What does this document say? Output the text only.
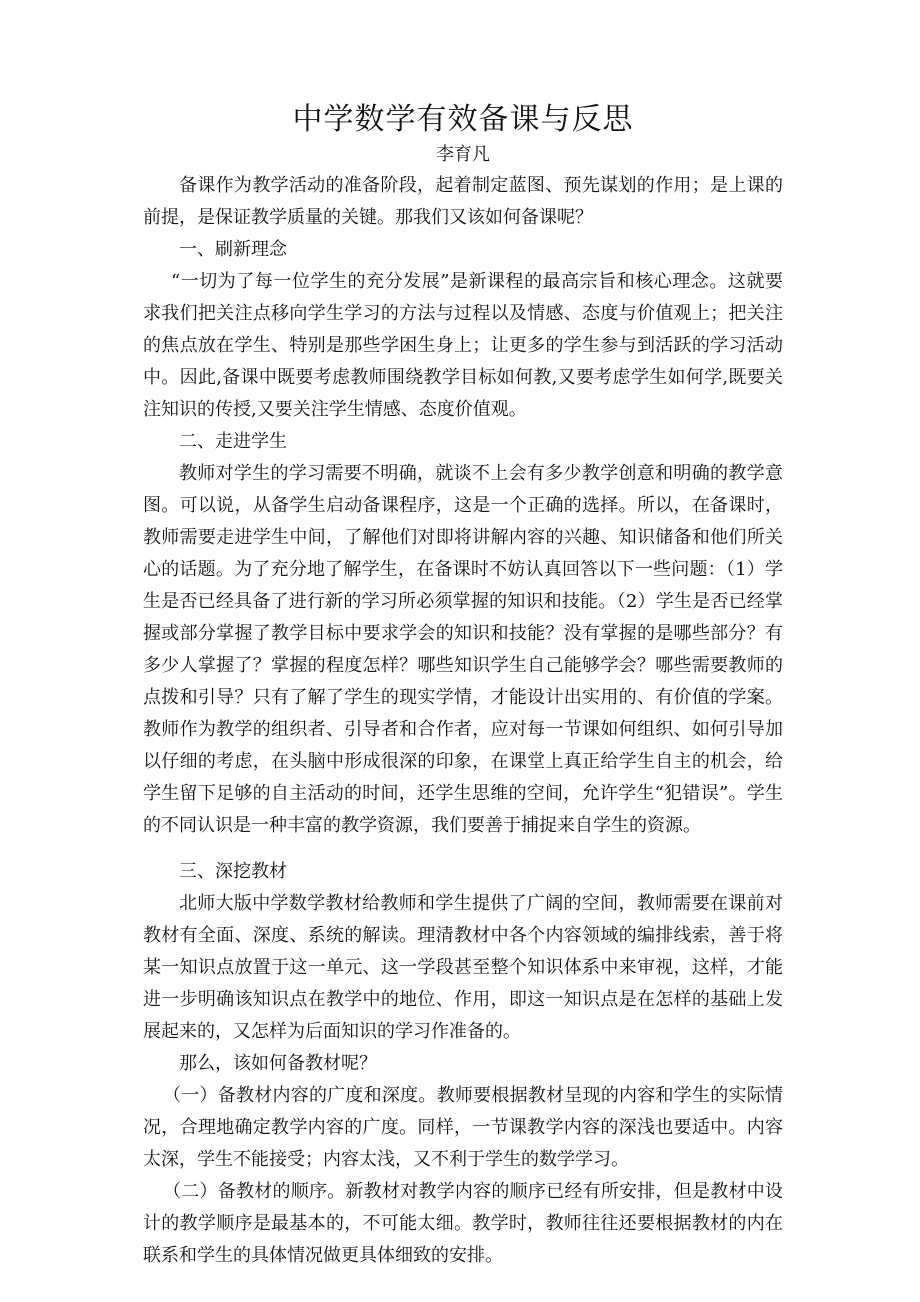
中学数学有效备课与反思
李育凡

备课作为教学活动的准备阶段，起着制定蓝图、预先谋划的作用；是上课的前提，是保证教学质量的关键。那我们又该如何备课呢？

一、刷新理念

“一切为了每一位学生的充分发展”是新课程的最高宗旨和核心理念。这就要求我们把关注点移向学生学习的方法与过程以及情感、态度与价值观上；把关注的焦点放在学生、特别是那些学困生身上；让更多的学生参与到活跃的学习活动中。因此,备课中既要考虑教师围绕教学目标如何教,又要考虑学生如何学,既要关注知识的传授,又要关注学生情感、态度价值观。

二、走进学生

教师对学生的学习需要不明确，就谈不上会有多少教学创意和明确的教学意图。可以说，从备学生启动备课程序，这是一个正确的选择。所以，在备课时，教师需要走进学生中间，了解他们对即将讲解内容的兴趣、知识储备和他们所关心的话题。为了充分地了解学生，在备课时不妨认真回答以下一些问题：（1）学生是否已经具备了进行新的学习所必须掌握的知识和技能。（2）学生是否已经掌握或部分掌握了教学目标中要求学会的知识和技能？没有掌握的是哪些部分？有多少人掌握了？掌握的程度怎样？哪些知识学生自己能够学会？哪些需要教师的点拨和引导？只有了解了学生的现实学情，才能设计出实用的、有价值的学案。教师作为教学的组织者、引导者和合作者，应对每一节课如何组织、如何引导加以仔细的考虑，在头脑中形成很深的印象，在课堂上真正给学生自主的机会，给学生留下足够的自主活动的时间，还学生思维的空间，允许学生“犯错误”。学生的不同认识是一种丰富的教学资源，我们要善于捕捉来自学生的资源。

三、深挖教材

北师大版中学数学教材给教师和学生提供了广阔的空间，教师需要在课前对教材有全面、深度、系统的解读。理清教材中各个内容领域的编排线索，善于将某一知识点放置于这一单元、这一学段甚至整个知识体系中来审视，这样，才能进一步明确该知识点在教学中的地位、作用，即这一知识点是在怎样的基础上发展起来的，又怎样为后面知识的学习作准备的。

那么，该如何备教材呢？

（一）备教材内容的广度和深度。教师要根据教材呈现的内容和学生的实际情况，合理地确定教学内容的广度。同样，一节课教学内容的深浅也要适中。内容太深，学生不能接受；内容太浅，又不利于学生的数学学习。

（二）备教材的顺序。新教材对教学内容的顺序已经有所安排，但是教材中设计的教学顺序是最基本的，不可能太细。教学时，教师往往还要根据教材的内在联系和学生的具体情况做更具体细致的安排。
